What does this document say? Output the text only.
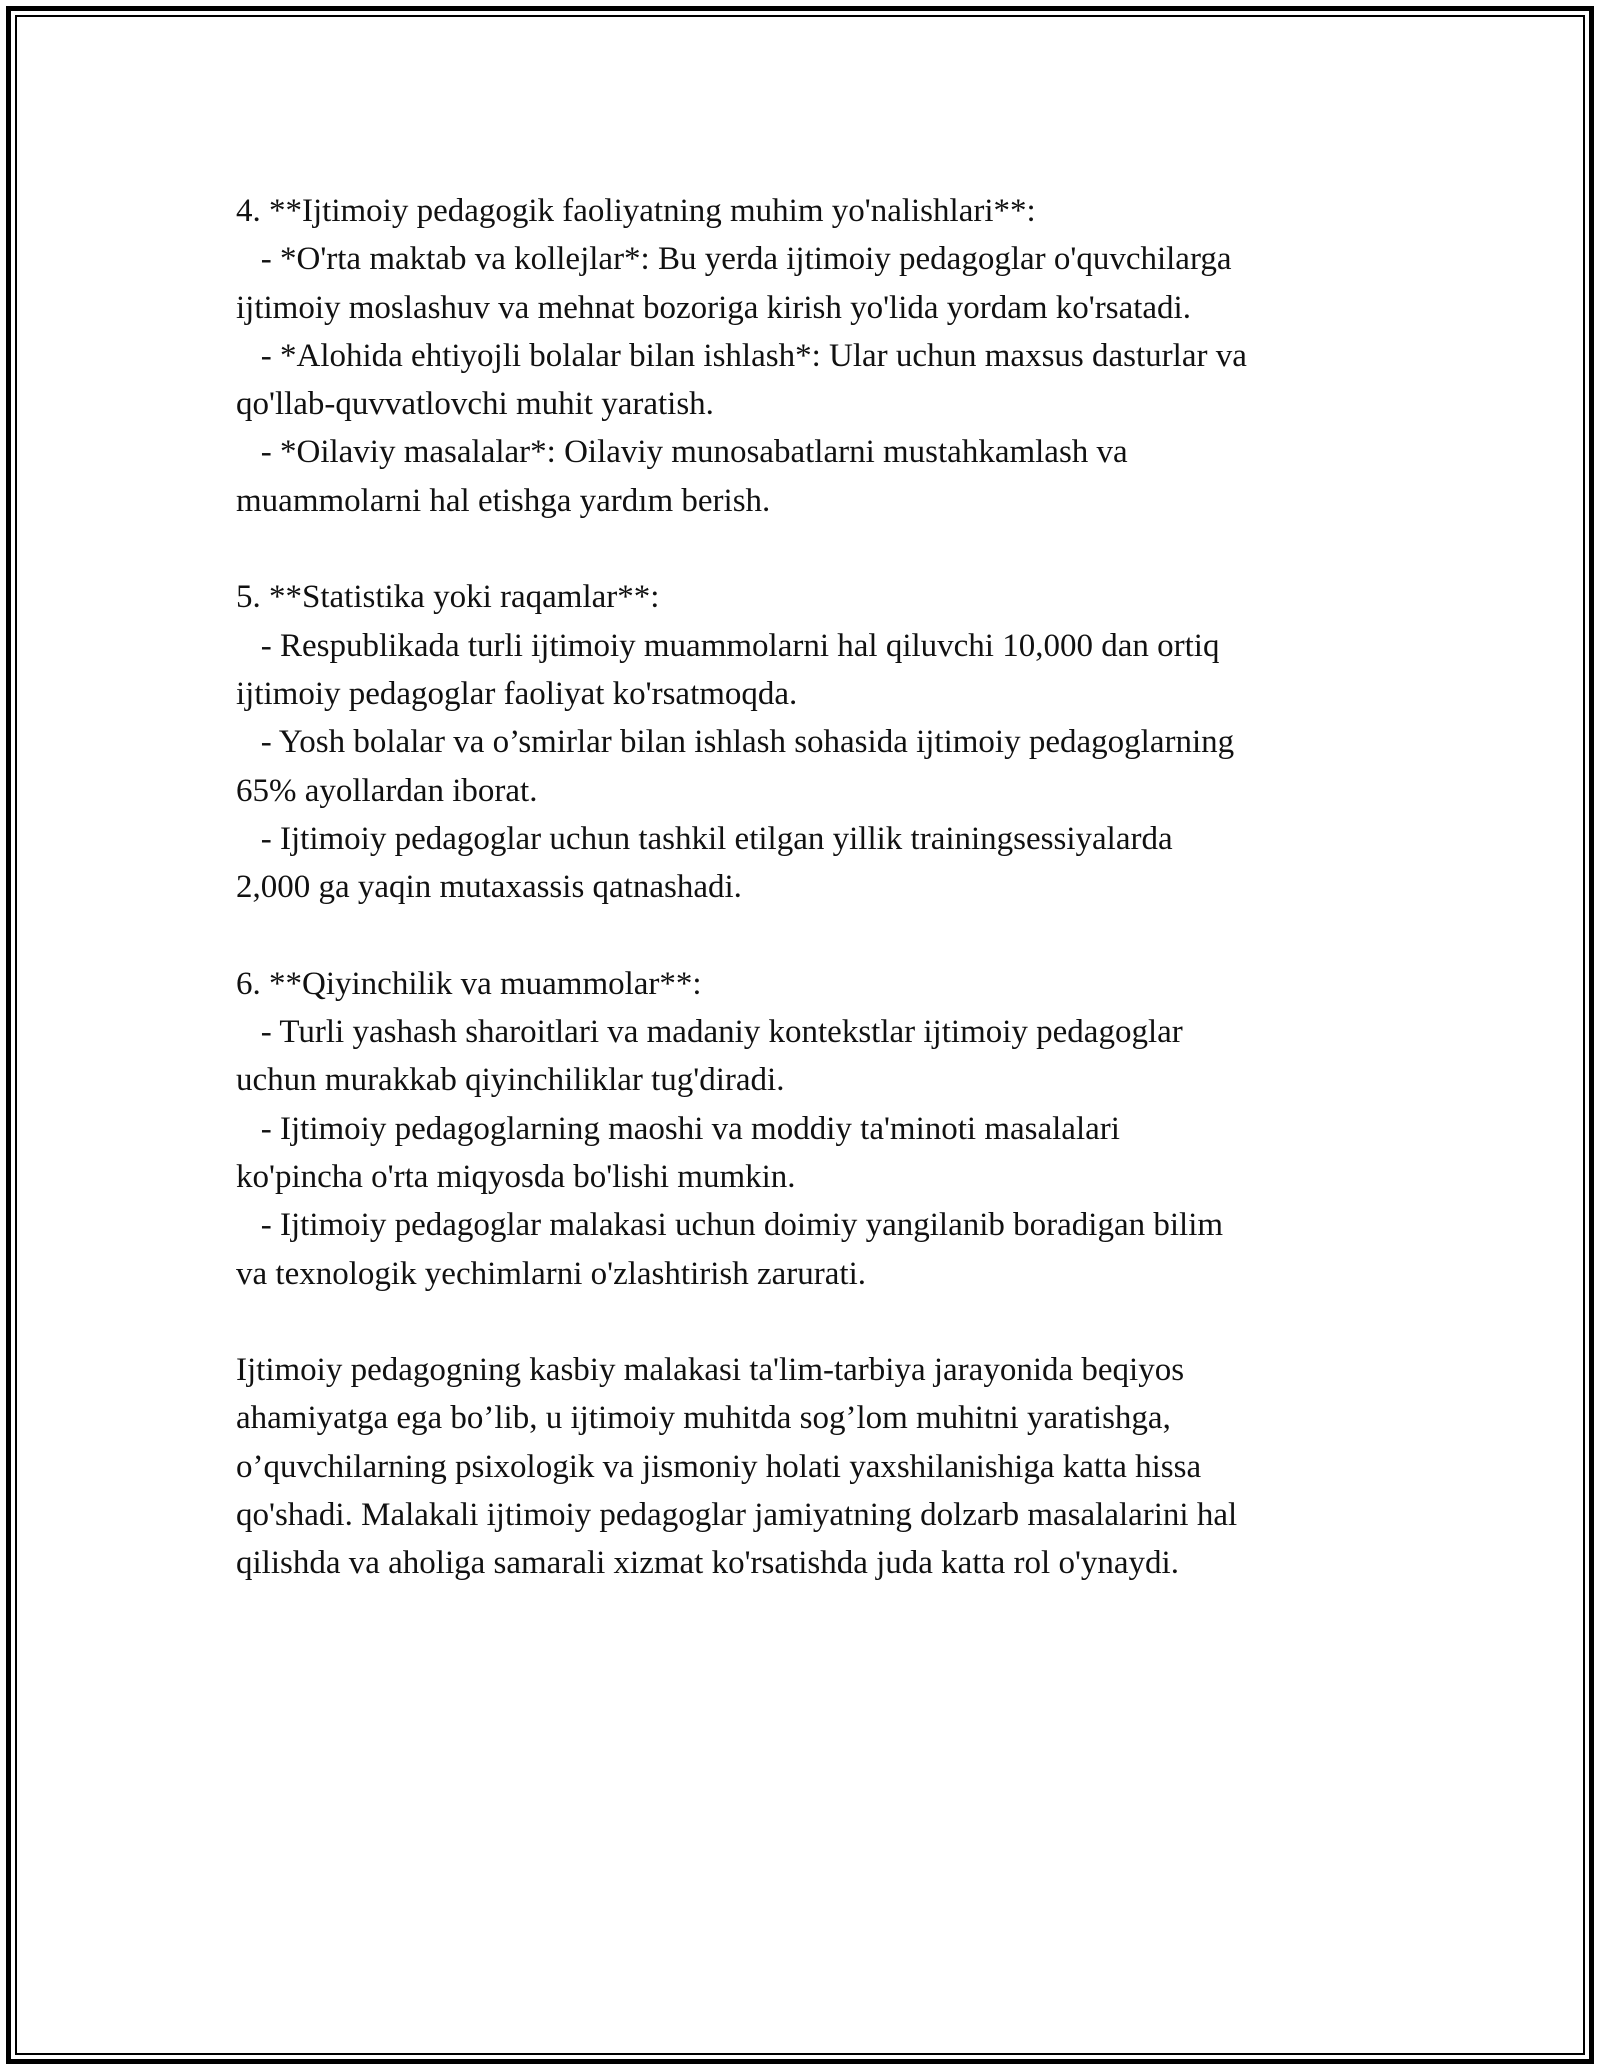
4. **Ijtimoiy pedagogik faoliyatning muhim yo'nalishlari**:
- *O'rta maktab va kollejlar*: Bu yerda ijtimoiy pedagoglar o'quvchilarga
ijtimoiy moslashuv va mehnat bozoriga kirish yo'lida yordam ko'rsatadi.
- *Alohida ehtiyojli bolalar bilan ishlash*: Ular uchun maxsus dasturlar va
qo'llab-quvvatlovchi muhit yaratish.
- *Oilaviy masalalar*: Oilaviy munosabatlarni mustahkamlash va
muammolarni hal etishga yardım berish.
5. **Statistika yoki raqamlar**:
- Respublikada turli ijtimoiy muammolarni hal qiluvchi 10,000 dan ortiq
ijtimoiy pedagoglar faoliyat ko'rsatmoqda.
- Yosh bolalar va o’smirlar bilan ishlash sohasida ijtimoiy pedagoglarning
65% ayollardan iborat.
- Ijtimoiy pedagoglar uchun tashkil etilgan yillik trainingsessiyalarda
2,000 ga yaqin mutaxassis qatnashadi.
6. **Qiyinchilik va muammolar**:
- Turli yashash sharoitlari va madaniy kontekstlar ijtimoiy pedagoglar
uchun murakkab qiyinchiliklar tug'diradi.
- Ijtimoiy pedagoglarning maoshi va moddiy ta'minoti masalalari
ko'pincha o'rta miqyosda bo'lishi mumkin.
- Ijtimoiy pedagoglar malakasi uchun doimiy yangilanib boradigan bilim
va texnologik yechimlarni o'zlashtirish zarurati.
Ijtimoiy pedagogning kasbiy malakasi ta'lim-tarbiya jarayonida beqiyos
ahamiyatga ega bo’lib, u ijtimoiy muhitda sog’lom muhitni yaratishga,
o’quvchilarning psixologik va jismoniy holati yaxshilanishiga katta hissa
qo'shadi. Malakali ijtimoiy pedagoglar jamiyatning dolzarb masalalarini hal
qilishda va aholiga samarali xizmat ko'rsatishda juda katta rol o'ynaydi.
